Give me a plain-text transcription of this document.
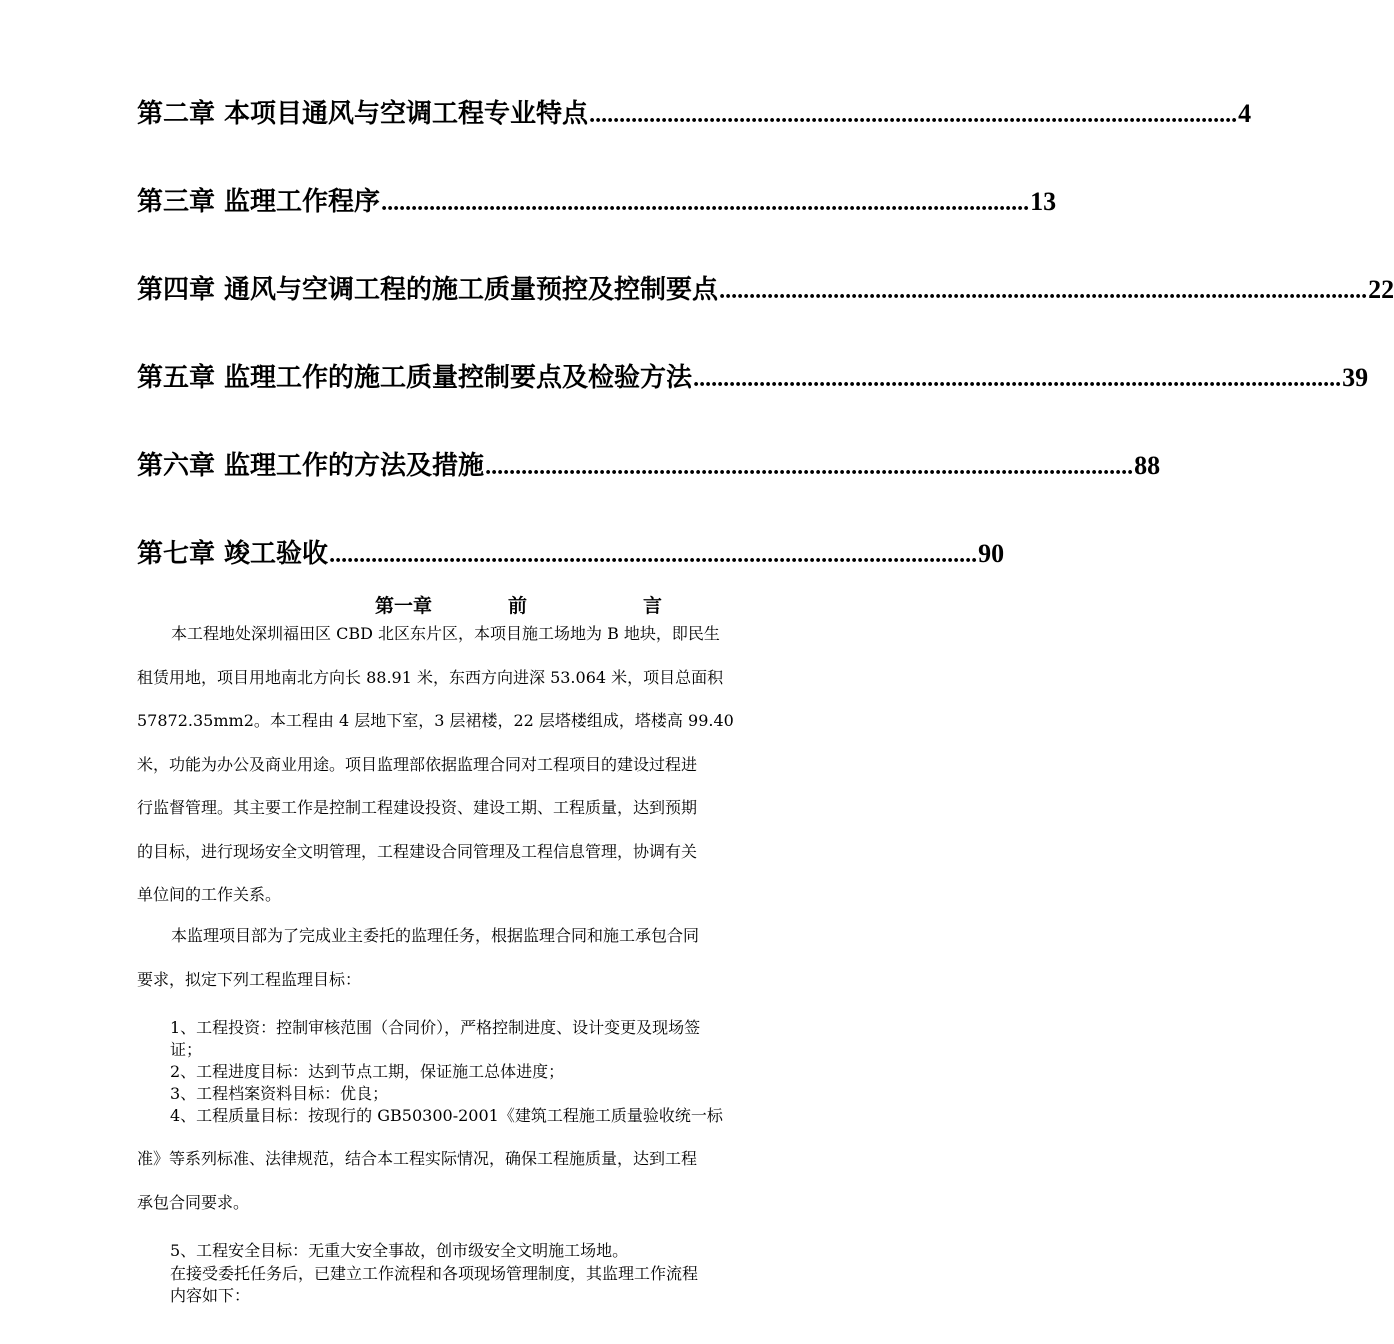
第二章 本项目通风与空调工程专业特点 ............................................................................................................ 4
第三章 监理工作程序 ............................................................................................................ 13
第四章 通风与空调工程的施工质量预控及控制要点 ............................................................................................................ 22
第五章 监理工作的施工质量控制要点及检验方法 ............................................................................................................ 39
第六章 监理工作的方法及措施 ............................................................................................................ 88
第七章 竣工验收 ............................................................................................................ 90
第一章	前	言
本工程地处深圳福田区 CBD 北区东片区，本项目施工场地为 B 地块，即民生
租赁用地，项目用地南北方向长 88.91 米，东西方向进深 53.064 米，项目总面积
57872.35mm2。本工程由 4 层地下室，3 层裙楼，22 层塔楼组成，塔楼高 99.40
米，功能为办公及商业用途。项目监理部依据监理合同对工程项目的建设过程进
行监督管理。其主要工作是控制工程建设投资、建设工期、工程质量，达到预期
的目标，进行现场安全文明管理，工程建设合同管理及工程信息管理，协调有关
单位间的工作关系。
本监理项目部为了完成业主委托的监理任务，根据监理合同和施工承包合同
要求，拟定下列工程监理目标：
1、工程投资：控制审核范围（合同价），严格控制进度、设计变更及现场签
证；
2、工程进度目标：达到节点工期，保证施工总体进度；
3、工程档案资料目标：优良；
4、工程质量目标：按现行的 GB50300-2001《建筑工程施工质量验收统一标
准》等系列标准、法律规范，结合本工程实际情况，确保工程施质量，达到工程
承包合同要求。
5、工程安全目标：无重大安全事故，创市级安全文明施工场地。
在接受委托任务后，已建立工作流程和各项现场管理制度，其监理工作流程
内容如下：
